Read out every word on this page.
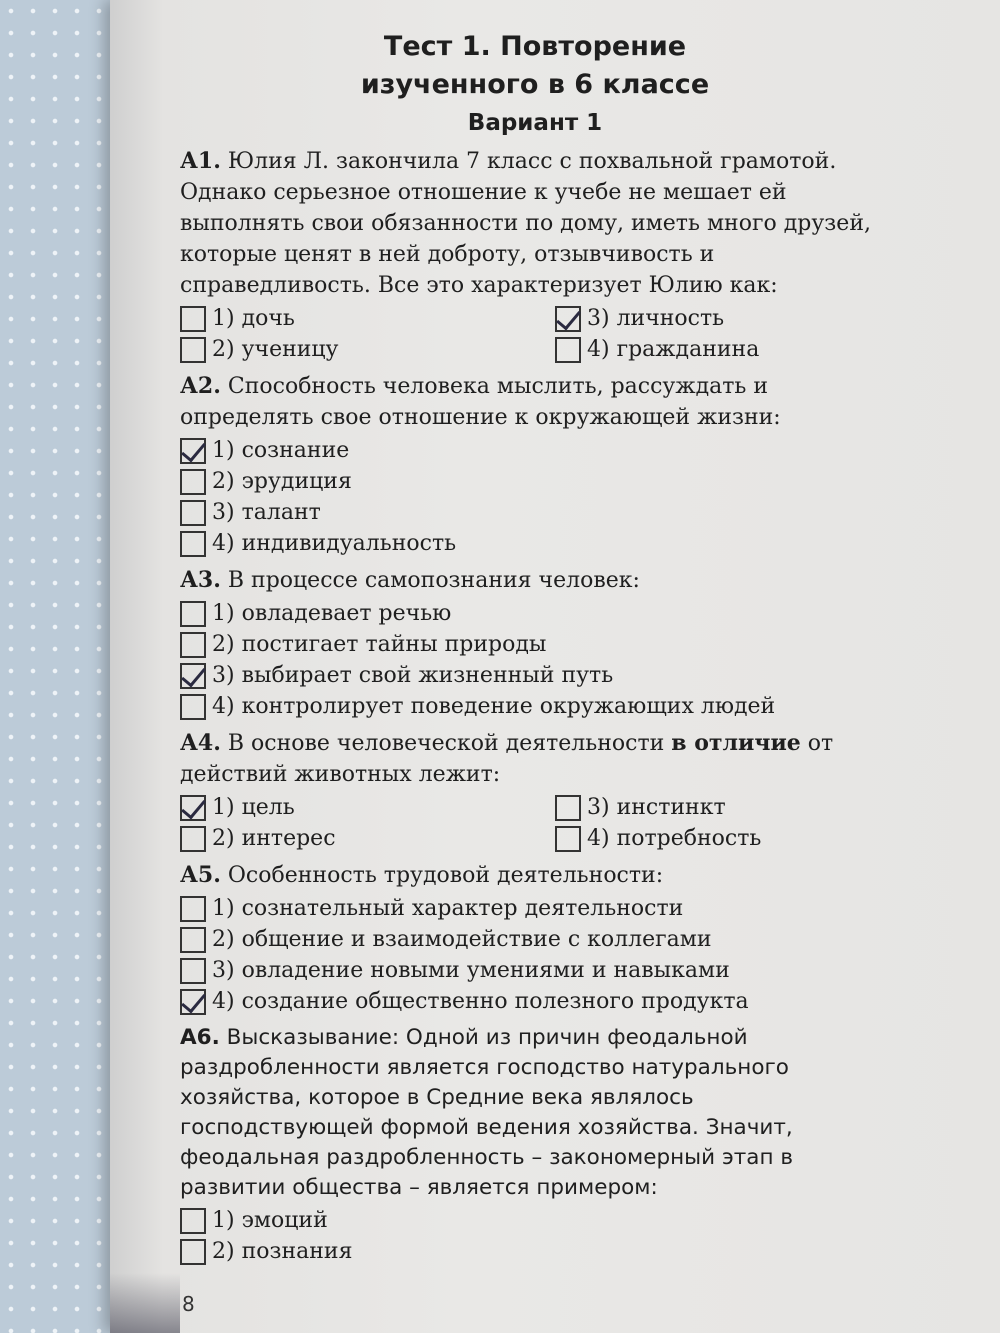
Тест 1. Повторение

изученного в 6 классе

Вариант 1

А1. Юлия Л. закончила 7 класс с похвальной грамотой. Однако серьезное отношение к учебе не мешает ей выполнять свои обязанности по дому, иметь много друзей, которые ценят в ней доброту, отзывчивость и справедливость. Все это характеризует Юлию как:

1) дочь	3) личность
2) ученицу	4) гражданина

А2. Способность человека мыслить, рассуждать и определять свое отношение к окружающей жизни:

1) сознание
2) эрудиция
3) талант
4) индивидуальность

А3. В процессе самопознания человек:

1) овладевает речью
2) постигает тайны природы
3) выбирает свой жизненный путь
4) контролирует поведение окружающих людей

А4. В основе человеческой деятельности в отличие от действий животных лежит:

1) цель	3) инстинкт
2) интерес	4) потребность

А5. Особенность трудовой деятельности:

1) сознательный характер деятельности
2) общение и взаимодействие с коллегами
3) овладение новыми умениями и навыками
4) создание общественно полезного продукта

А6. Высказывание: Одной из причин феодальной раздробленности является господство натурального хозяйства, которое в Средние века являлось господствующей формой ведения хозяйства. Значит, феодальная раздробленность – закономерный этап в развитии общества – является примером:

1) эмоций
2) познания
8
